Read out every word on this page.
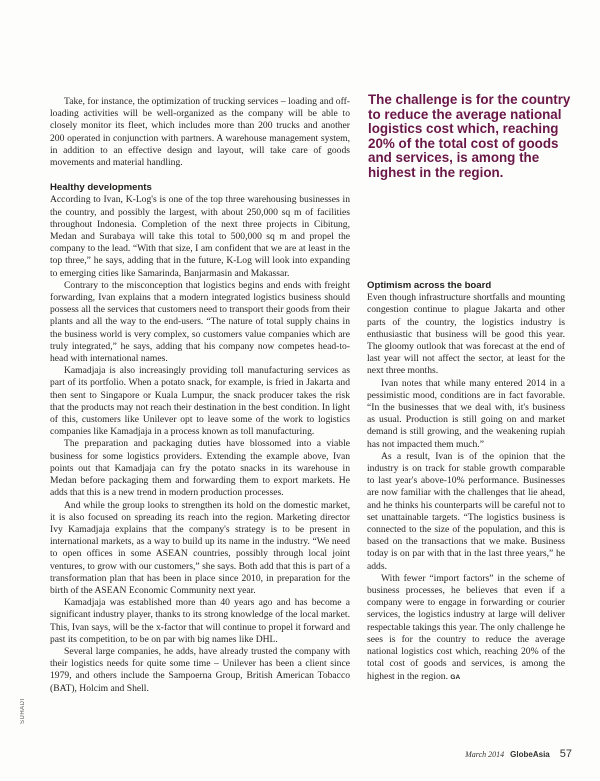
Take, for instance, the optimization of trucking services – loading and off-loading activities will be well-organized as the company will be able to closely monitor its fleet, which includes more than 200 trucks and another 200 operated in conjunction with partners. A warehouse management system, in addition to an effective design and layout, will take care of goods movements and material handling.

Healthy developments

According to Ivan, K-Log's is one of the top three warehousing businesses in the country, and possibly the largest, with about 250,000 sq m of facilities throughout Indonesia. Completion of the next three projects in Cibitung, Medan and Surabaya will take this total to 500,000 sq m and propel the company to the lead. “With that size, I am confident that we are at least in the top three,” he says, adding that in the future, K-Log will look into expanding to emerging cities like Samarinda, Banjarmasin and Makassar.

Contrary to the misconception that logistics begins and ends with freight forwarding, Ivan explains that a modern integrated logistics business should possess all the services that customers need to transport their goods from their plants and all the way to the end-users. “The nature of total supply chains in the business world is very complex, so customers value companies which are truly integrated,” he says, adding that his company now competes head-to-head with international names.

Kamadjaja is also increasingly providing toll manufacturing services as part of its portfolio. When a potato snack, for example, is fried in Jakarta and then sent to Singapore or Kuala Lumpur, the snack producer takes the risk that the products may not reach their destination in the best condition. In light of this, customers like Unilever opt to leave some of the work to logistics companies like Kamadjaja in a process known as toll manufacturing.

The preparation and packaging duties have blossomed into a viable business for some logistics providers. Extending the example above, Ivan points out that Kamadjaja can fry the potato snacks in its warehouse in Medan before packaging them and forwarding them to export markets. He adds that this is a new trend in modern production processes.

And while the group looks to strengthen its hold on the domestic market, it is also focused on spreading its reach into the region. Marketing director Ivy Kamadjaja explains that the company's strategy is to be present in international markets, as a way to build up its name in the industry. “We need to open offices in some ASEAN countries, possibly through local joint ventures, to grow with our customers,” she says. Both add that this is part of a transformation plan that has been in place since 2010, in preparation for the birth of the ASEAN Economic Community next year.

Kamadjaja was established more than 40 years ago and has become a significant industry player, thanks to its strong knowledge of the local market. This, Ivan says, will be the x-factor that will continue to propel it forward and past its competition, to be on par with big names like DHL.

Several large companies, he adds, have already trusted the company with their logistics needs for quite some time – Unilever has been a client since 1979, and others include the Sampoerna Group, British American Tobacco (BAT), Holcim and Shell.

The challenge is for the country to reduce the average national logistics cost which, reaching 20% of the total cost of goods and services, is among the highest in the region.
Optimism across the board

Even though infrastructure shortfalls and mounting congestion continue to plague Jakarta and other parts of the country, the logistics industry is enthusiastic that business will be good this year. The gloomy outlook that was forecast at the end of last year will not affect the sector, at least for the next three months.

Ivan notes that while many entered 2014 in a pessimistic mood, conditions are in fact favorable. “In the businesses that we deal with, it's business as usual. Production is still going on and market demand is still growing, and the weakening rupiah has not impacted them much.”

As a result, Ivan is of the opinion that the industry is on track for stable growth comparable to last year's above-10% performance. Businesses are now familiar with the challenges that lie ahead, and he thinks his counterparts will be careful not to set unattainable targets. “The logistics business is connected to the size of the population, and this is based on the transactions that we make. Business today is on par with that in the last three years,” he adds.

With fewer “import factors” in the scheme of business processes, he believes that even if a company were to engage in forwarding or courier services, the logistics industry at large will deliver respectable takings this year. The only challenge he sees is for the country to reduce the average national logistics cost which, reaching 20% of the total cost of goods and services, is among the highest in the region. GA

SUHADI
March 2014 GlobeAsia 57
